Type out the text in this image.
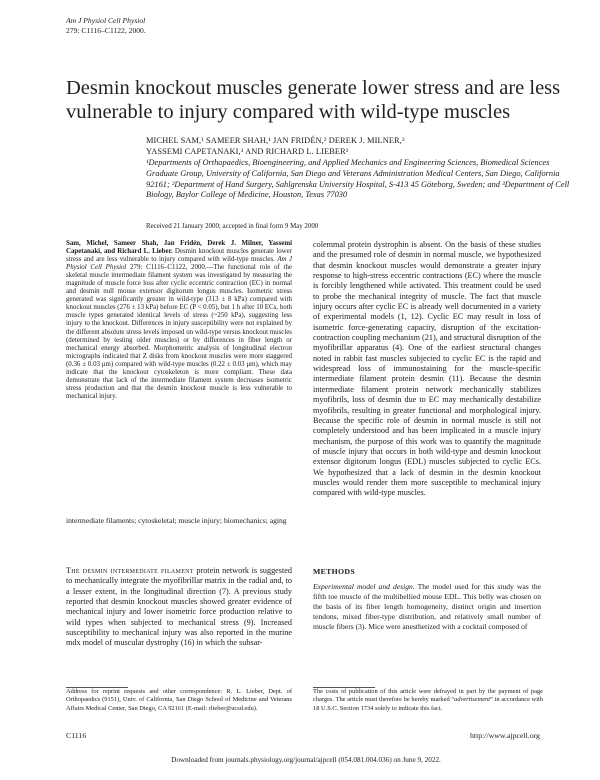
Am J Physiol Cell Physiol
279: C1116–C1122, 2000.
Desmin knockout muscles generate lower stress and are less vulnerable to injury compared with wild-type muscles
MICHEL SAM,¹ SAMEER SHAH,¹ JAN FRIDÉN,² DEREK J. MILNER,³
YASSEMI CAPETANAKI,³ AND RICHARD L. LIEBER¹
¹Departments of Orthopaedics, Bioengineering, and Applied Mechanics and Engineering Sciences, Biomedical Sciences Graduate Group, University of California, San Diego and Veterans Administration Medical Centers, San Diego, California 92161; ²Department of Hand Surgery, Sahlgrenska University Hospital, S-413 45 Göteborg, Sweden; and ³Department of Cell Biology, Baylor College of Medicine, Houston, Texas 77030
Received 21 January 2000; accepted in final form 9 May 2000
Sam, Michel, Sameer Shah, Jan Fridén, Derek J. Milner, Yassemi Capetanaki, and Richard L. Lieber. Desmin knockout muscles generate lower stress and are less vulnerable to injury compared with wild-type muscles. Am J Physiol Cell Physiol 279: C1116–C1122, 2000.—The functional role of the skeletal muscle intermediate filament system was investigated by measuring the magnitude of muscle force loss after cyclic eccentric contraction (EC) in normal and desmin null mouse extensor digitorum longus muscles. Isometric stress generated was significantly greater in wild-type (313 ± 8 kPa) compared with knockout muscles (276 ± 13 kPa) before EC (P < 0.05), but 1 h after 10 ECs, both muscle types generated identical levels of stress (~250 kPa), suggesting less injury to the knockout. Differences in injury susceptibility were not explained by the different absolute stress levels imposed on wild-type versus knockout muscles (determined by testing older muscles) or by differences in fiber length or mechanical energy absorbed. Morphometric analysis of longitudinal electron micrographs indicated that Z disks from knockout muscles were more staggered (0.36 ± 0.03 μm) compared with wild-type muscles (0.22 ± 0.03 μm), which may indicate that the knockout cytoskeleton is more compliant. These data demonstrate that lack of the intermediate filament system decreases isometric stress production and that the desmin knockout muscle is less vulnerable to mechanical injury.
intermediate filaments; cytoskeletal; muscle injury; biomechanics; aging
The desmin intermediate filament protein network is suggested to mechanically integrate the myofibrillar matrix in the radial and, to a lesser extent, in the longitudinal direction (7). A previous study reported that desmin knockout muscles showed greater evidence of mechanical injury and lower isometric force production relative to wild types when subjected to mechanical stress (9). Increased susceptibility to mechanical injury was also reported in the murine mdx model of muscular dystrophy (16) in which the subsar-
colemmal protein dystrophin is absent. On the basis of these studies and the presumed role of desmin in normal muscle, we hypothesized that desmin knockout muscles would demonstrate a greater injury response to high-stress eccentric contractions (EC) where the muscle is forcibly lengthened while activated. This treatment could be used to probe the mechanical integrity of muscle. The fact that muscle injury occurs after cyclic EC is already well documented in a variety of experimental models (1, 12). Cyclic EC may result in loss of isometric force-generating capacity, disruption of the excitation-contraction coupling mechanism (21), and structural disruption of the myofibrillar apparatus (4). One of the earliest structural changes noted in rabbit fast muscles subjected to cyclic EC is the rapid and widespread loss of immunostaining for the muscle-specific intermediate filament protein desmin (11). Because the desmin intermediate filament protein network mechanically stabilizes myofibrils, loss of desmin due to EC may mechanically destabilize myofibrils, resulting in greater functional and morphological injury. Because the specific role of desmin in normal muscle is still not completely understood and has been implicated in a muscle injury mechanism, the purpose of this work was to quantify the magnitude of muscle injury that occurs in both wild-type and desmin knockout extensor digitorum longus (EDL) muscles subjected to cyclic ECs. We hypothesized that a lack of desmin in the desmin knockout muscles would render them more susceptible to mechanical injury compared with wild-type muscles.
METHODS
Experimental model and design. The model used for this study was the fifth toe muscle of the multibellied mouse EDL. This belly was chosen on the basis of its fiber length homogeneity, distinct origin and insertion tendons, mixed fiber-type distribution, and relatively small number of muscle fibers (3). Mice were anesthetized with a cocktail composed of
Address for reprint requests and other correspondence: R. L. Lieber, Dept. of Orthopaedics (9151), Univ. of California, San Diego School of Medicine and Veterans Affairs Medical Center, San Diego, CA 92161 (E-mail: rlieber@ucsd.edu).
The costs of publication of this article were defrayed in part by the payment of page charges. The article must therefore be hereby marked “advertisement” in accordance with 18 U.S.C. Section 1734 solely to indicate this fact.
C1116	http://www.ajpcell.org
Downloaded from journals.physiology.org/journal/ajpcell (054.081.004.036) on June 9, 2022.
